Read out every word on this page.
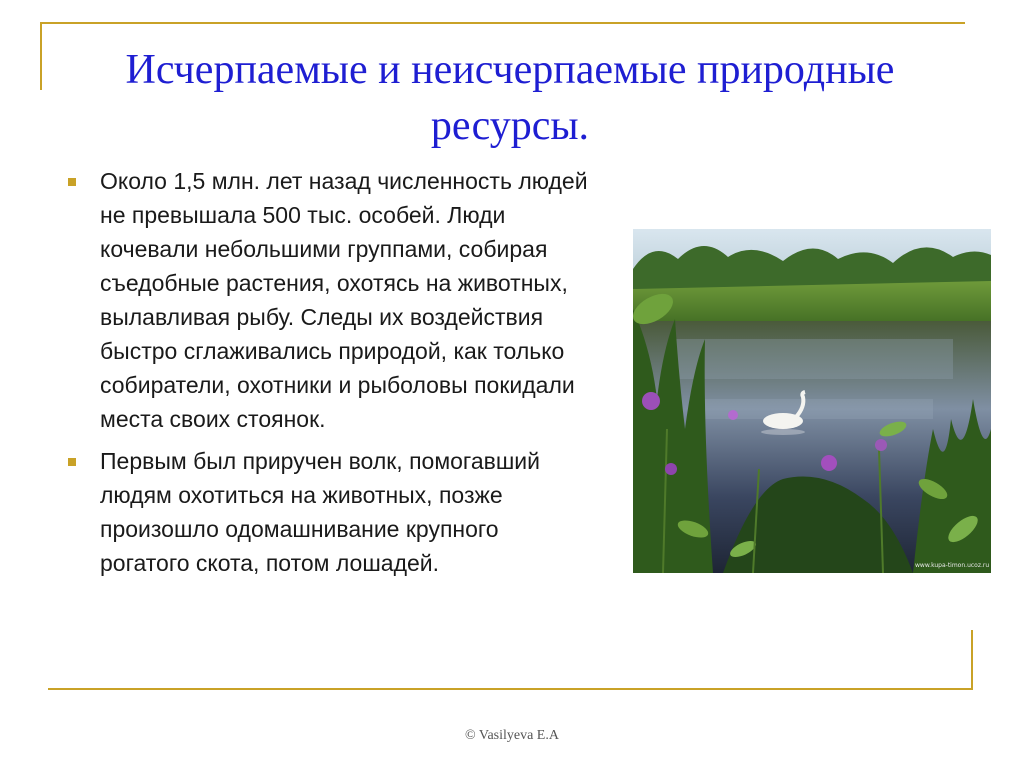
Исчерпаемые и неисчерпаемые природные ресурсы.
Около 1,5 млн. лет назад численность людей не превышала 500 тыс. особей. Люди кочевали небольшими группами, собирая съедобные растения, охотясь на животных, вылавливая рыбу. Следы их воздействия быстро сглаживались природой, как только собиратели, охотники и рыболовы покидали места своих стоянок.
Первым был приручен волк, помогавший людям охотиться на животных, позже произошло одомашнивание крупного рогатого скота, потом лошадей.	www.kupa-timon.ucoz.ru
© Vasilyeva E.A
